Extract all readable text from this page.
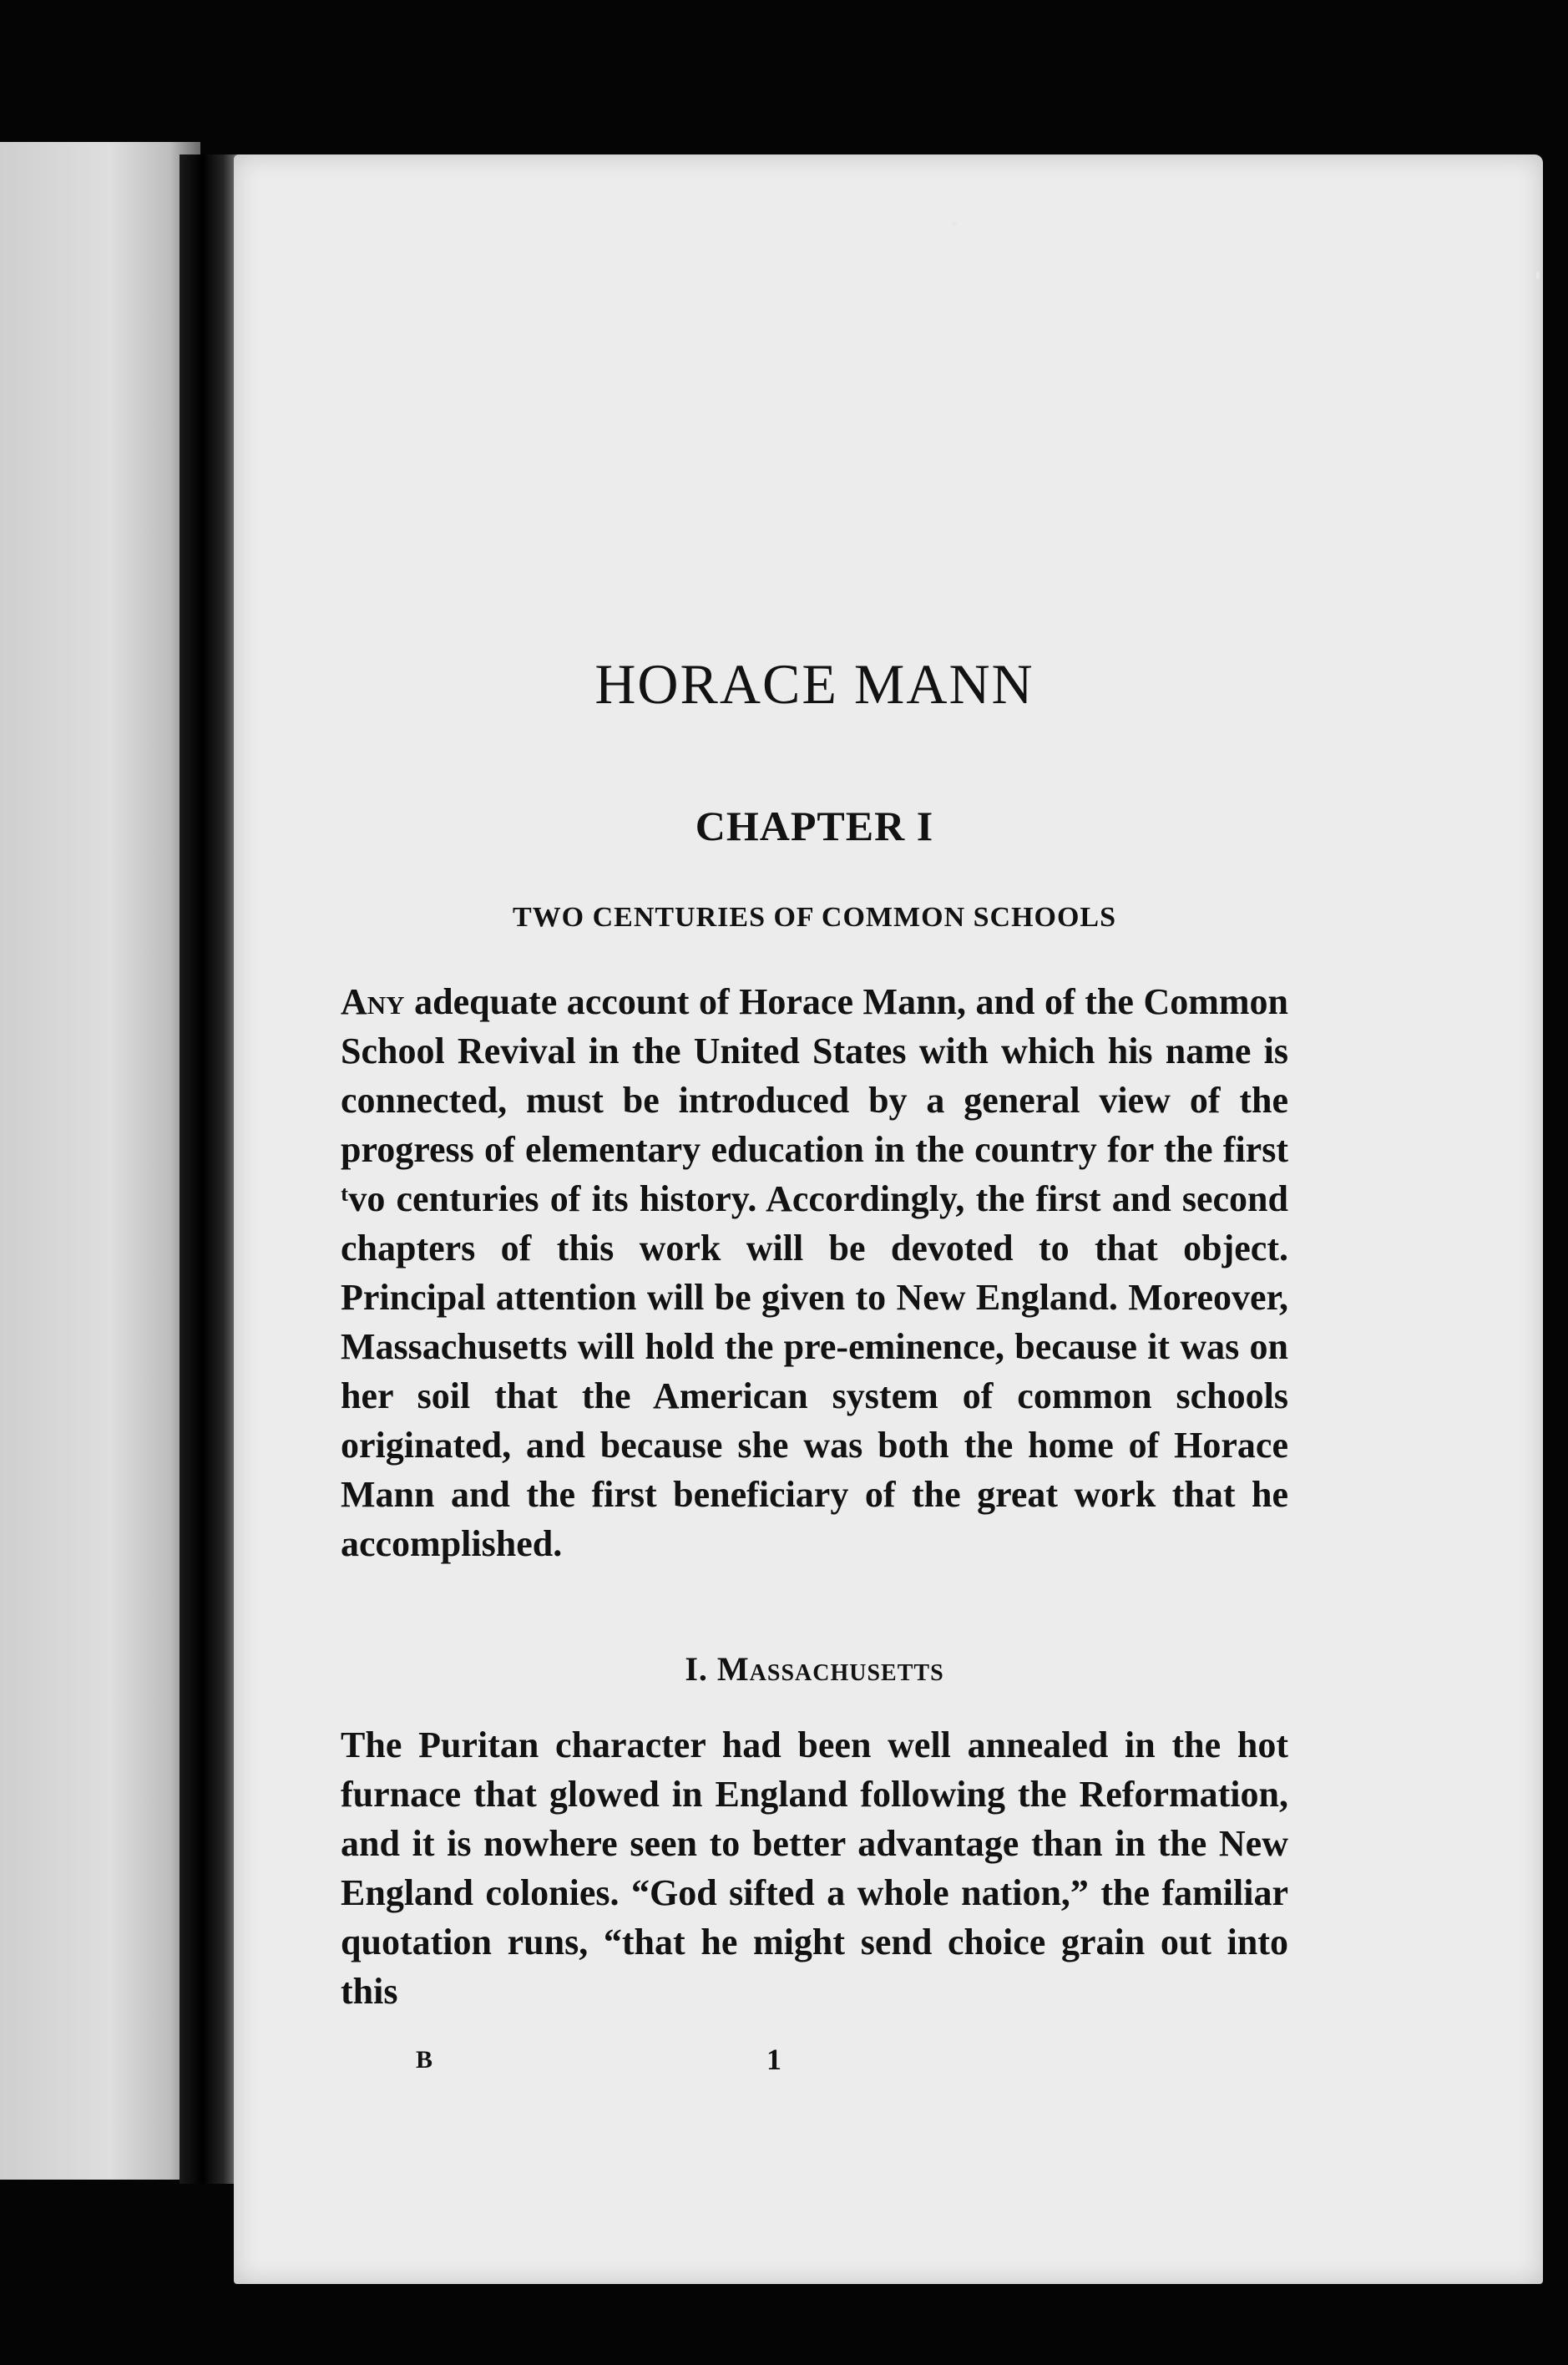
HORACE MANN
CHAPTER I
TWO CENTURIES OF COMMON SCHOOLS

Any adequate account of Horace Mann, and of the Common School Revival in the United States with which his name is connected, must be introduced by a general view of the progress of elementary education in the country for the first ᵗvo centuries of its history. Accordingly, the first and second chapters of this work will be devoted to that object. Principal attention will be given to New England. Moreover, Massachusetts will hold the pre-eminence, because it was on her soil that the American system of common schools originated, and because she was both the home of Horace Mann and the first beneficiary of the great work that he accomplished.

I. Massachusetts

The Puritan character had been well annealed in the hot furnace that glowed in England following the Reformation, and it is nowhere seen to better advantage than in the New England colonies. “God sifted a whole nation,” the familiar quotation runs, “that he might send choice grain out into this

B	1
